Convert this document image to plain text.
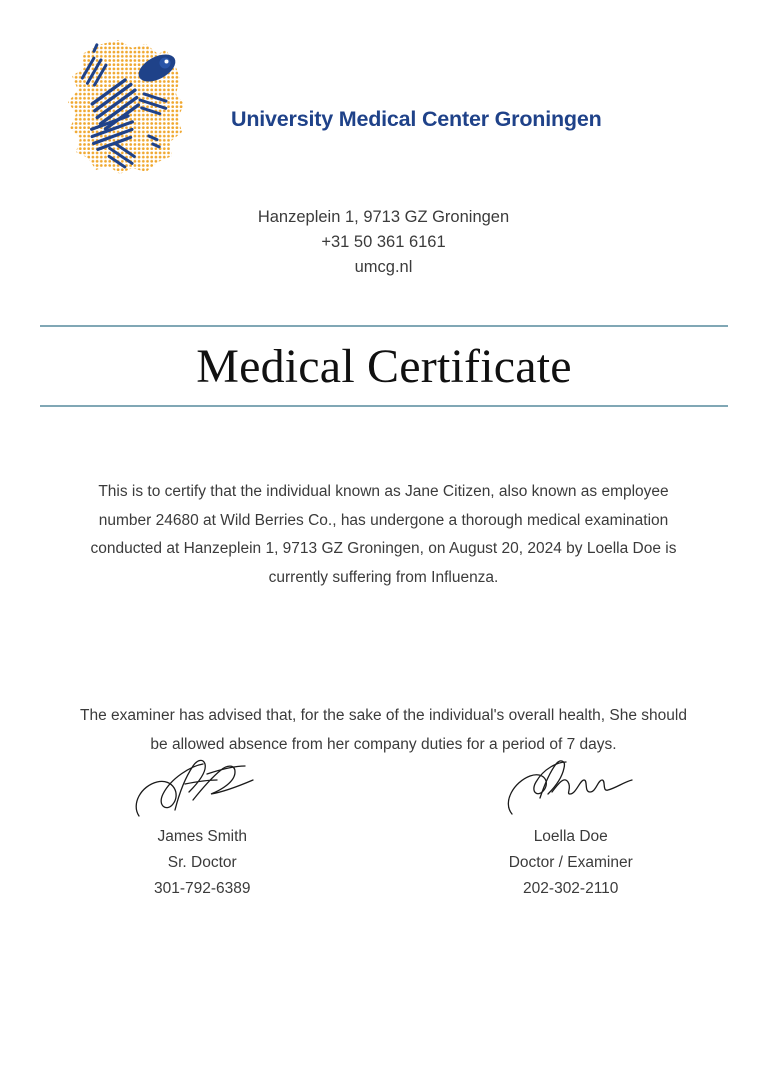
University Medical Center Groningen
Hanzeplein 1, 9713 GZ Groningen
+31 50 361 6161
umcg.nl
Medical Certificate

This is to certify that the individual known as Jane Citizen, also known as employee number 24680 at Wild Berries Co., has undergone a thorough medical examination conducted at Hanzeplein 1, 9713 GZ Groningen, on August 20, 2024 by Loella Doe is currently suffering from Influenza.

The examiner has advised that, for the sake of the individual's overall health, She should be allowed absence from her company duties for a period of 7 days.

James Smith
Sr. Doctor
301-792-6389
Loella Doe
Doctor / Examiner
202-302-2110
